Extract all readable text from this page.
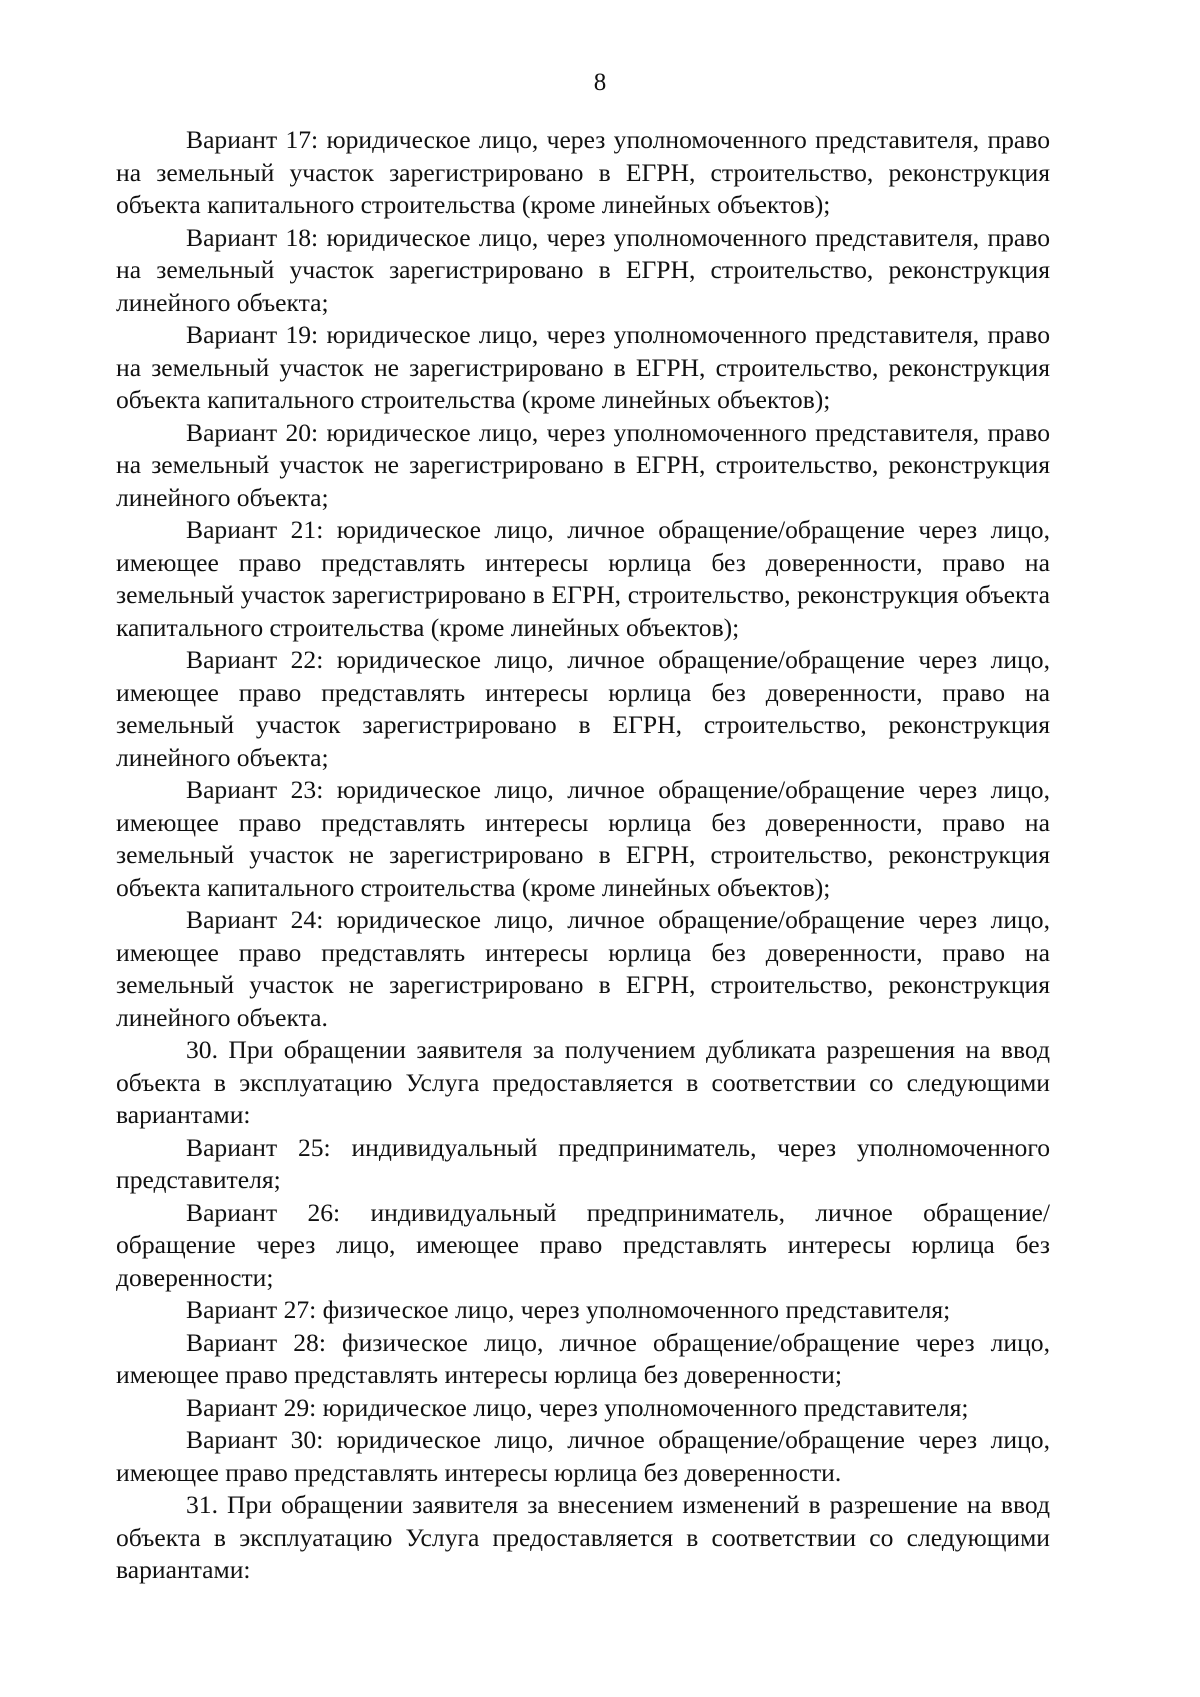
8

Вариант 17: юридическое лицо, через уполномоченного представителя, право на земельный участок зарегистрировано в ЕГРН, строительство, реконструкция объекта капитального строительства (кроме линейных объектов);

Вариант 18: юридическое лицо, через уполномоченного представителя, право на земельный участок зарегистрировано в ЕГРН, строительство, реконструкция линейного объекта;

Вариант 19: юридическое лицо, через уполномоченного представителя, право на земельный участок не зарегистрировано в ЕГРН, строительство, реконструкция объекта капитального строительства (кроме линейных объектов);

Вариант 20: юридическое лицо, через уполномоченного представителя, право на земельный участок не зарегистрировано в ЕГРН, строительство, реконструкция линейного объекта;

Вариант 21: юридическое лицо, личное обращение/обращение через лицо, имеющее право представлять интересы юрлица без доверенности, право на земельный участок зарегистрировано в ЕГРН, строительство, реконструкция объекта капитального строительства (кроме линейных объектов);

Вариант 22: юридическое лицо, личное обращение/обращение через лицо, имеющее право представлять интересы юрлица без доверенности, право на земельный участок зарегистрировано в ЕГРН, строительство, реконструкция линейного объекта;

Вариант 23: юридическое лицо, личное обращение/обращение через лицо, имеющее право представлять интересы юрлица без доверенности, право на земельный участок не зарегистрировано в ЕГРН, строительство, реконструкция объекта капитального строительства (кроме линейных объектов);

Вариант 24: юридическое лицо, личное обращение/обращение через лицо, имеющее право представлять интересы юрлица без доверенности, право на земельный участок не зарегистрировано в ЕГРН, строительство, реконструкция линейного объекта.

30. При обращении заявителя за получением дубликата разрешения на ввод объекта в эксплуатацию Услуга предоставляется в соответствии со следующими вариантами:

Вариант 25: индивидуальный предприниматель, через уполномоченного представителя;

Вариант 26: индивидуальный предприниматель, личное обращение/обращение через лицо, имеющее право представлять интересы юрлица без доверенности;

Вариант 27: физическое лицо, через уполномоченного представителя;

Вариант 28: физическое лицо, личное обращение/обращение через лицо, имеющее право представлять интересы юрлица без доверенности;

Вариант 29: юридическое лицо, через уполномоченного представителя;

Вариант 30: юридическое лицо, личное обращение/обращение через лицо, имеющее право представлять интересы юрлица без доверенности.

31. При обращении заявителя за внесением изменений в разрешение на ввод объекта в эксплуатацию Услуга предоставляется в соответствии со следующими вариантами:
